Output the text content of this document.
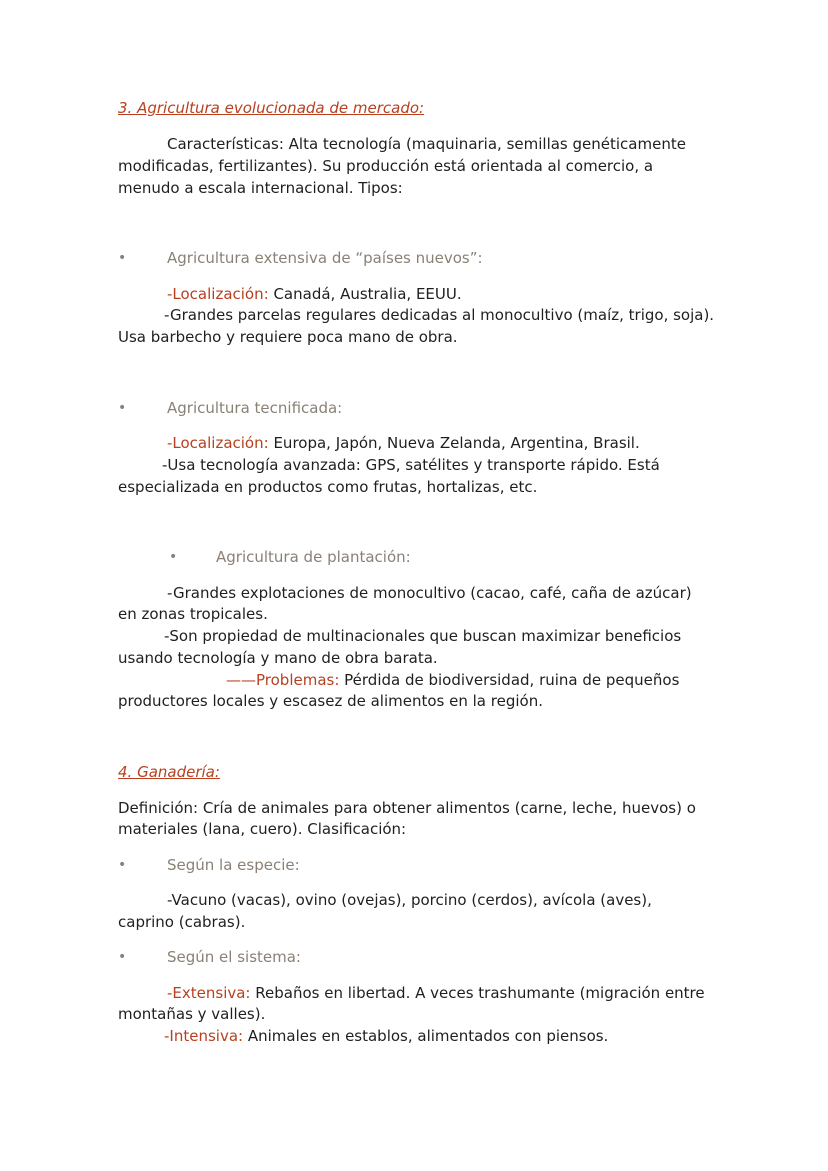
3. Agricultura evolucionada de mercado:
Características: Alta tecnología (maquinaria, semillas genéticamente
modificadas, fertilizantes). Su producción está orientada al comercio, a
menudo a escala internacional. Tipos:
•	Agricultura extensiva de “países nuevos”:
-Localización: Canadá, Australia, EEUU.
-Grandes parcelas regulares dedicadas al monocultivo (maíz, trigo, soja).
Usa barbecho y requiere poca mano de obra.
•	Agricultura tecnificada:
-Localización: Europa, Japón, Nueva Zelanda, Argentina, Brasil.
-Usa tecnología avanzada: GPS, satélites y transporte rápido. Está
especializada en productos como frutas, hortalizas, etc.
•	Agricultura de plantación:
-Grandes explotaciones de monocultivo (cacao, café, caña de azúcar)
en zonas tropicales.
-Son propiedad de multinacionales que buscan maximizar beneficios
usando tecnología y mano de obra barata.
——Problemas: Pérdida de biodiversidad, ruina de pequeños
productores locales y escasez de alimentos en la región.
4. Ganadería:
Definición: Cría de animales para obtener alimentos (carne, leche, huevos) o
materiales (lana, cuero). Clasificación:
•	Según la especie:
-Vacuno (vacas), ovino (ovejas), porcino (cerdos), avícola (aves),
caprino (cabras).
•	Según el sistema:
-Extensiva: Rebaños en libertad. A veces trashumante (migración entre
montañas y valles).
-Intensiva: Animales en establos, alimentados con piensos.
